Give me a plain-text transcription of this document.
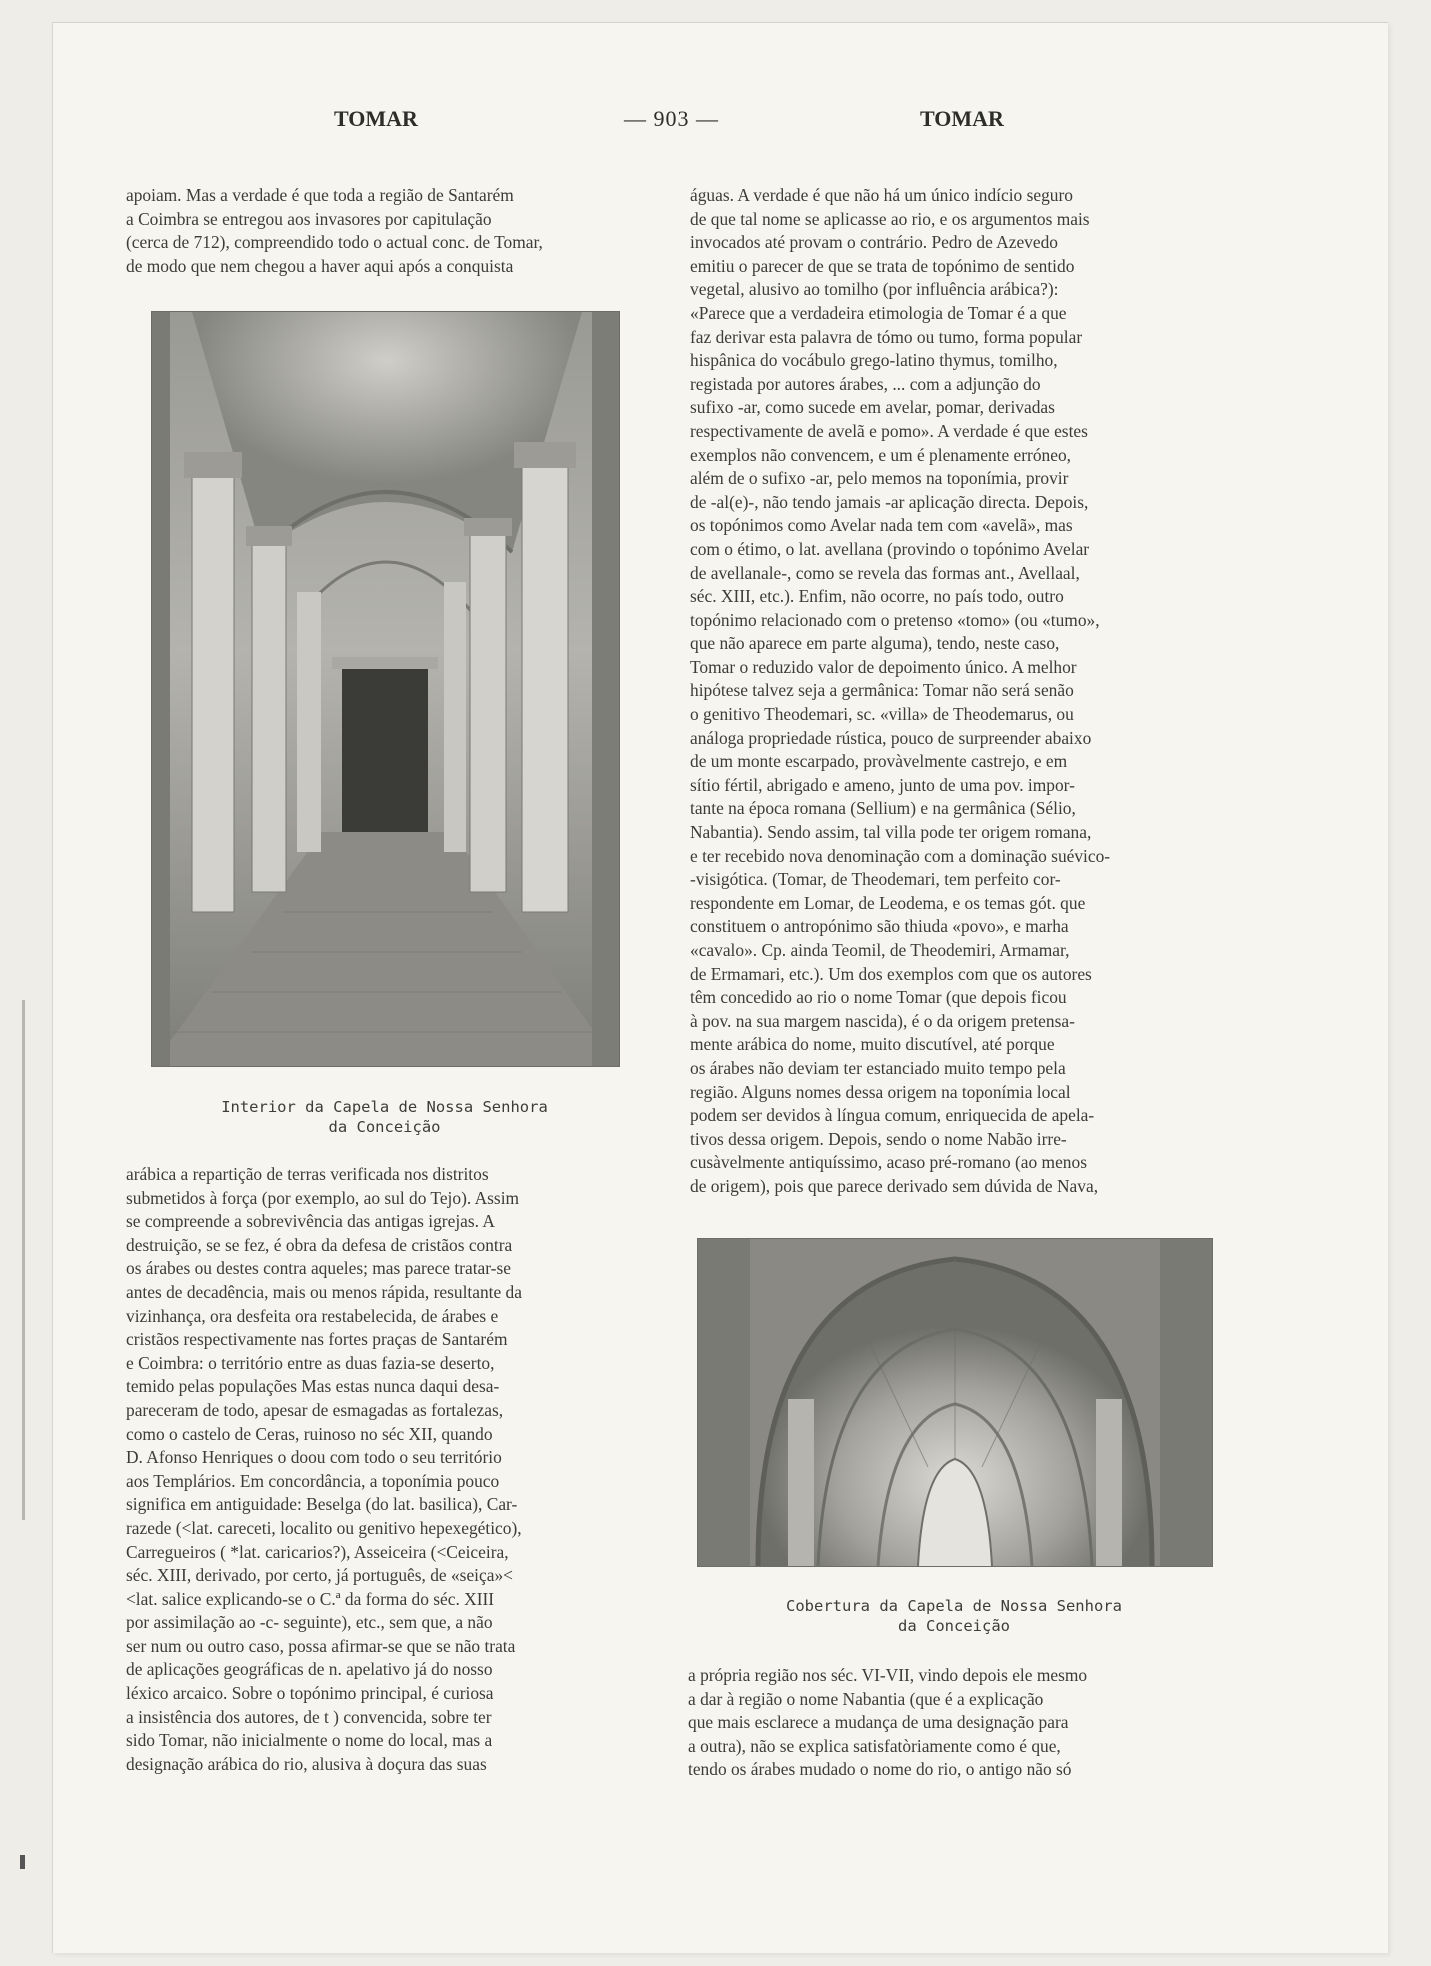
TOMAR	— 903 —	TOMAR

apoiam. Mas a verdade é que toda a região de Santarém

a Coimbra se entregou aos invasores por capitulação

(cerca de 712), compreendido todo o actual conc. de Tomar,

de modo que nem chegou a haver aqui após a conquista

Interior da Capela de Nossa Senhora
da Conceição

arábica a repartição de terras verificada nos distritos

submetidos à força (por exemplo, ao sul do Tejo). Assim

se compreende a sobrevivência das antigas igrejas. A

destruição, se se fez, é obra da defesa de cristãos contra

os árabes ou destes contra aqueles; mas parece tratar-se

antes de decadência, mais ou menos rápida, resultante da

vizinhança, ora desfeita ora restabelecida, de árabes e

cristãos respectivamente nas fortes praças de Santarém

e Coimbra: o território entre as duas fazia-se deserto,

temido pelas populações Mas estas nunca daqui desa-

pareceram de todo, apesar de esmagadas as fortalezas,

como o castelo de Ceras, ruinoso no séc XII, quando

D. Afonso Henriques o doou com todo o seu território

aos Templários. Em concordância, a toponímia pouco

significa em antiguidade: Beselga (do lat. basilica), Car-

razede (<lat. careceti, localito ou genitivo hepexegético),

Carregueiros ( *lat. caricarios?), Asseiceira (<Ceiceira,

séc. XIII, derivado, por certo, já português, de «seiça»<

<lat. salice explicando-se o C.ª da forma do séc. XIII

por assimilação ao -c- seguinte), etc., sem que, a não

ser num ou outro caso, possa afirmar-se que se não trata

de aplicações geográficas de n. apelativo já do nosso

léxico arcaico. Sobre o topónimo principal, é curiosa

a insistência dos autores, de t ) convencida, sobre ter

sido Tomar, não inicialmente o nome do local, mas a

designação arábica do rio, alusiva à doçura das suas

águas. A verdade é que não há um único indício seguro

de que tal nome se aplicasse ao rio, e os argumentos mais

invocados até provam o contrário. Pedro de Azevedo

emitiu o parecer de que se trata de topónimo de sentido

vegetal, alusivo ao tomilho (por influência arábica?):

«Parece que a verdadeira etimologia de Tomar é a que

faz derivar esta palavra de tómo ou tumo, forma popular

hispânica do vocábulo grego-latino thymus, tomilho,

registada por autores árabes, ... com a adjunção do

sufixo -ar, como sucede em avelar, pomar, derivadas

respectivamente de avelã e pomo». A verdade é que estes

exemplos não convencem, e um é plenamente erróneo,

além de o sufixo -ar, pelo memos na toponímia, provir

de -al(e)-, não tendo jamais -ar aplicação directa. Depois,

os topónimos como Avelar nada tem com «avelã», mas

com o étimo, o lat. avellana (provindo o topónimo Avelar

de avellanale-, como se revela das formas ant., Avellaal,

séc. XIII, etc.). Enfim, não ocorre, no país todo, outro

topónimo relacionado com o pretenso «tomo» (ou «tumo»,

que não aparece em parte alguma), tendo, neste caso,

Tomar o reduzido valor de depoimento único. A melhor

hipótese talvez seja a germânica: Tomar não será senão

o genitivo Theodemari, sc. «villa» de Theodemarus, ou

análoga propriedade rústica, pouco de surpreender abaixo

de um monte escarpado, provàvelmente castrejo, e em

sítio fértil, abrigado e ameno, junto de uma pov. impor-

tante na época romana (Sellium) e na germânica (Sélio,

Nabantia). Sendo assim, tal villa pode ter origem romana,

e ter recebido nova denominação com a dominação suévico-

-visigótica. (Tomar, de Theodemari, tem perfeito cor-

respondente em Lomar, de Leodema, e os temas gót. que

constituem o antropónimo são thiuda «povo», e marha

«cavalo». Cp. ainda Teomil, de Theodemiri, Armamar,

de Ermamari, etc.). Um dos exemplos com que os autores

têm concedido ao rio o nome Tomar (que depois ficou

à pov. na sua margem nascida), é o da origem pretensa-

mente arábica do nome, muito discutível, até porque

os árabes não deviam ter estanciado muito tempo pela

região. Alguns nomes dessa origem na toponímia local

podem ser devidos à língua comum, enriquecida de apela-

tivos dessa origem. Depois, sendo o nome Nabão irre-

cusàvelmente antiquíssimo, acaso pré-romano (ao menos

de origem), pois que parece derivado sem dúvida de Nava,

Cobertura da Capela de Nossa Senhora
da Conceição

a própria região nos séc. VI-VII, vindo depois ele mesmo

a dar à região o nome Nabantia (que é a explicação

que mais esclarece a mudança de uma designação para

a outra), não se explica satisfatòriamente como é que,

tendo os árabes mudado o nome do rio, o antigo não só
